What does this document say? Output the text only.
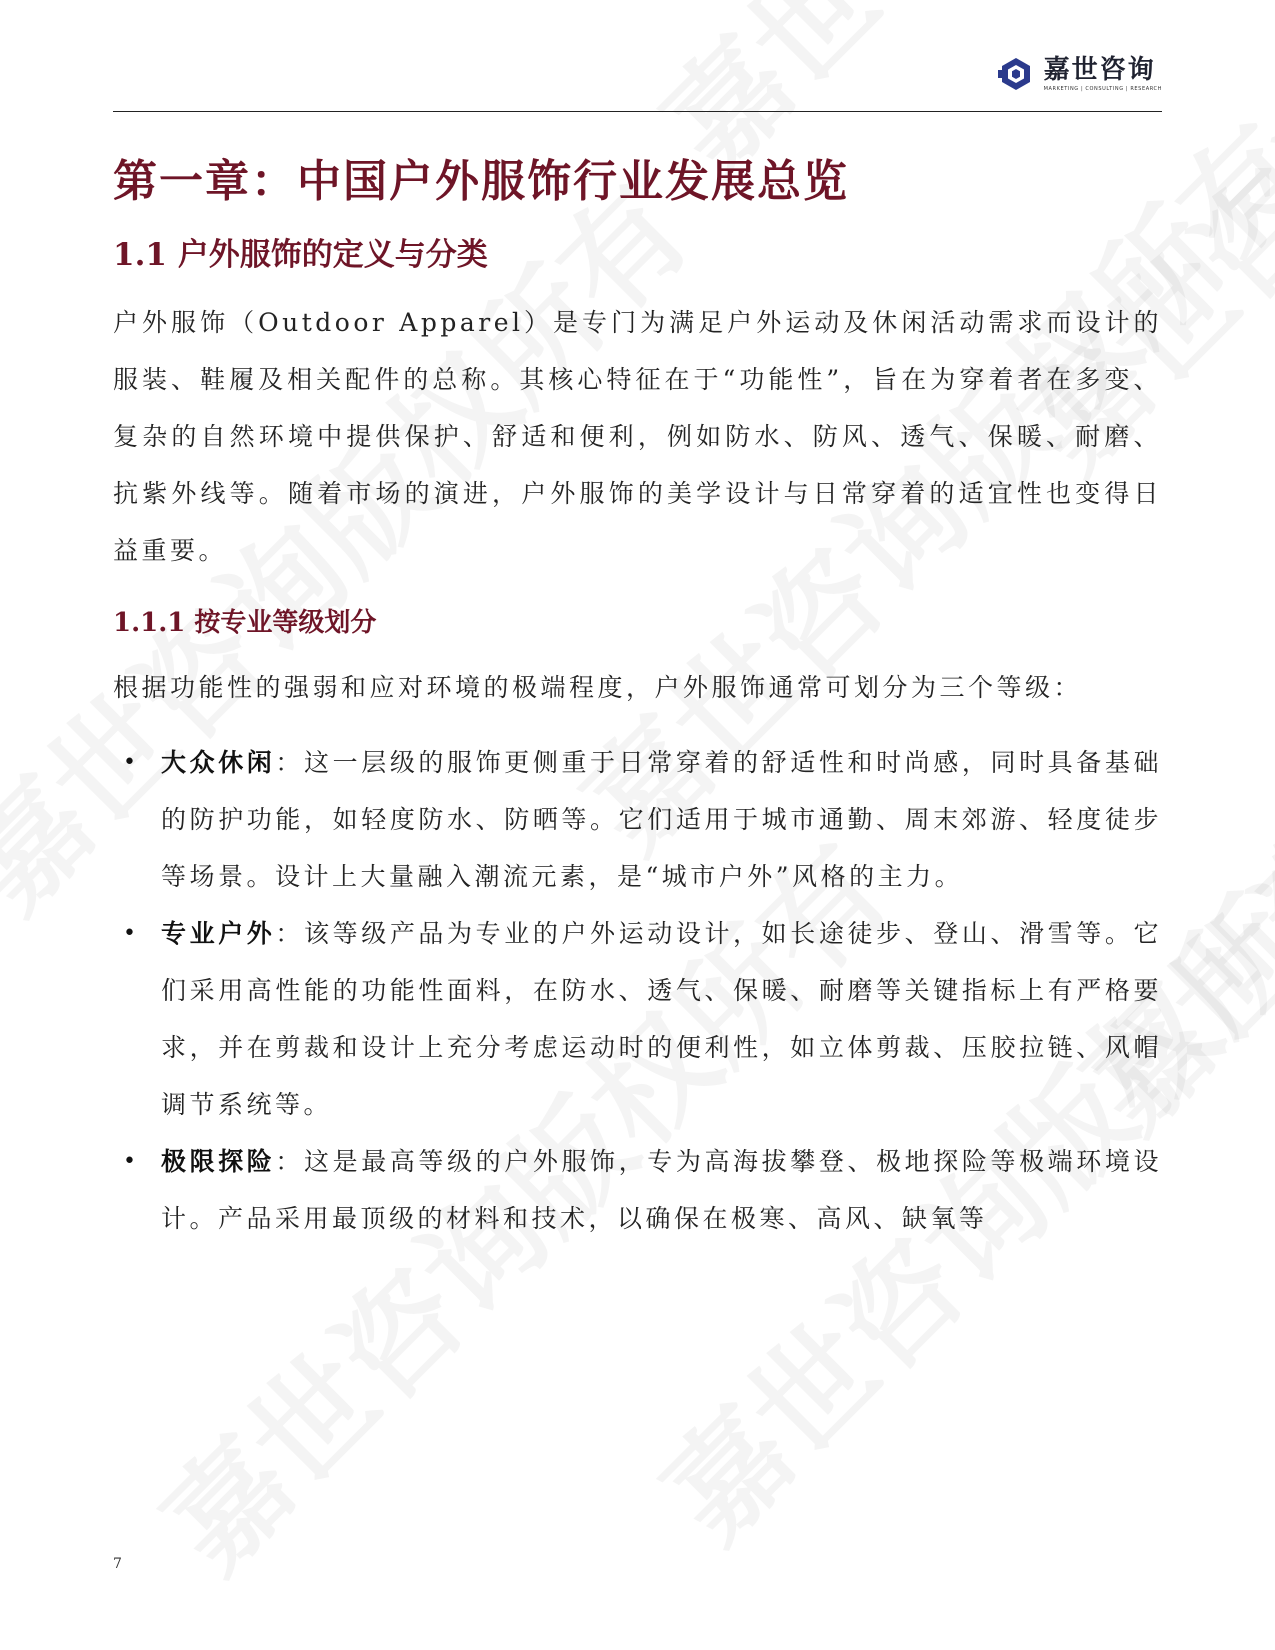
嘉世咨询
MARKETING | CONSULTING | RESEARCH
第一章：中国户外服饰行业发展总览
1.1 户外服饰的定义与分类

户外服饰（Outdoor Apparel）是专门为满足户外运动及休闲活动需求而设计的服装、鞋履及相关配件的总称。其核心特征在于“功能性”，旨在为穿着者在多变、复杂的自然环境中提供保护、舒适和便利，例如防水、防风、透气、保暖、耐磨、抗紫外线等。随着市场的演进，户外服饰的美学设计与日常穿着的适宜性也变得日益重要。

1.1.1 按专业等级划分

根据功能性的强弱和应对环境的极端程度，户外服饰通常可划分为三个等级：

• 大众休闲：这一层级的服饰更侧重于日常穿着的舒适性和时尚感，同时具备基础的防护功能，如轻度防水、防晒等。它们适用于城市通勤、周末郊游、轻度徒步等场景。设计上大量融入潮流元素，是“城市户外”风格的主力。
• 专业户外：该等级产品为专业的户外运动设计，如长途徒步、登山、滑雪等。它们采用高性能的功能性面料，在防水、透气、保暖、耐磨等关键指标上有严格要求，并在剪裁和设计上充分考虑运动时的便利性，如立体剪裁、压胶拉链、风帽调节系统等。
• 极限探险：这是最高等级的户外服饰，专为高海拔攀登、极地探险等极端环境设计。产品采用最顶级的材料和技术，以确保在极寒、高风、缺氧等
7
